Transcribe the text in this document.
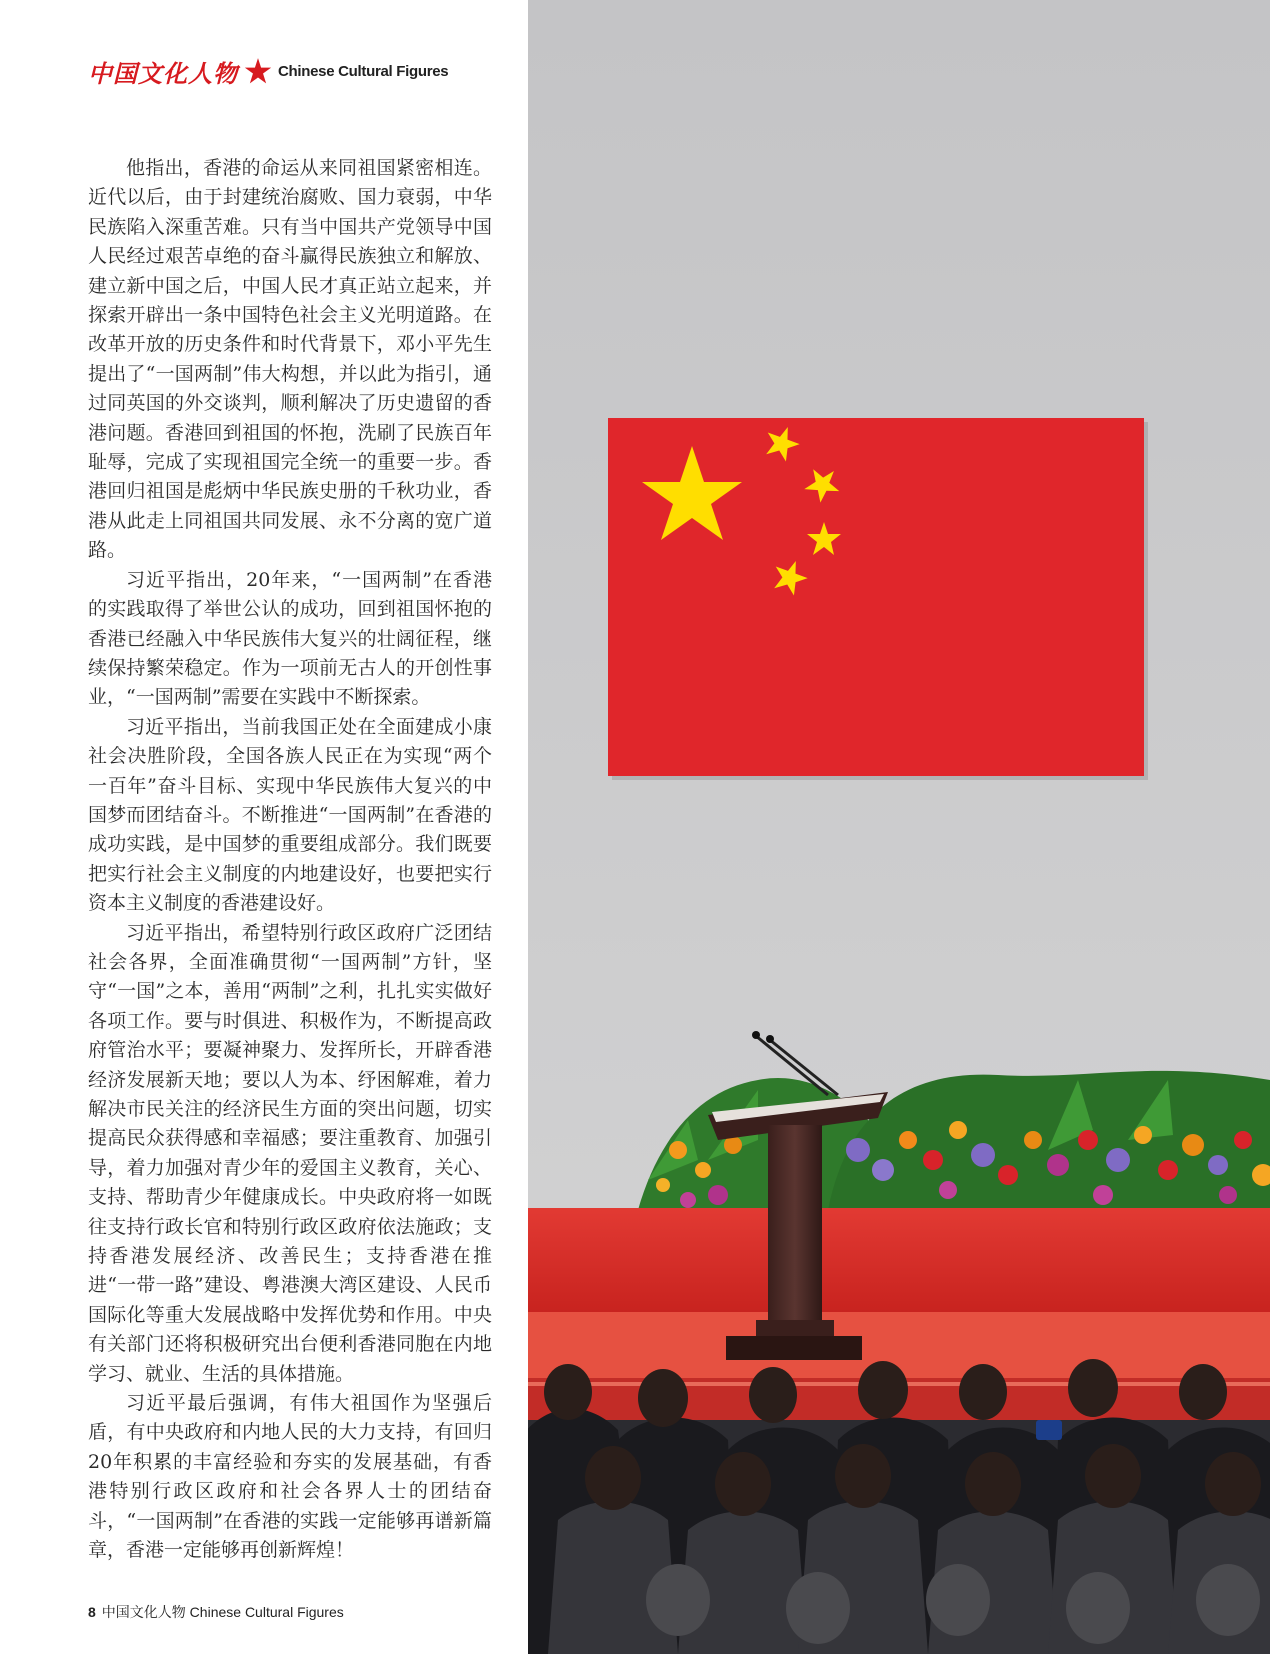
中国文化人物	Chinese Cultural Figures

他指出，香港的命运从来同祖国紧密相连。近代以后，由于封建统治腐败、国力衰弱，中华民族陷入深重苦难。只有当中国共产党领导中国人民经过艰苦卓绝的奋斗赢得民族独立和解放、建立新中国之后，中国人民才真正站立起来，并探索开辟出一条中国特色社会主义光明道路。在改革开放的历史条件和时代背景下，邓小平先生提出了“一国两制”伟大构想，并以此为指引，通过同英国的外交谈判，顺利解决了历史遗留的香港问题。香港回到祖国的怀抱，洗刷了民族百年耻辱，完成了实现祖国完全统一的重要一步。香港回归祖国是彪炳中华民族史册的千秋功业，香港从此走上同祖国共同发展、永不分离的宽广道路。

习近平指出，20年来，“一国两制”在香港的实践取得了举世公认的成功，回到祖国怀抱的香港已经融入中华民族伟大复兴的壮阔征程，继续保持繁荣稳定。作为一项前无古人的开创性事业，“一国两制”需要在实践中不断探索。

习近平指出，当前我国正处在全面建成小康社会决胜阶段，全国各族人民正在为实现“两个一百年”奋斗目标、实现中华民族伟大复兴的中国梦而团结奋斗。不断推进“一国两制”在香港的成功实践，是中国梦的重要组成部分。我们既要把实行社会主义制度的内地建设好，也要把实行资本主义制度的香港建设好。

习近平指出，希望特别行政区政府广泛团结社会各界，全面准确贯彻“一国两制”方针，坚守“一国”之本，善用“两制”之利，扎扎实实做好各项工作。要与时俱进、积极作为，不断提高政府管治水平；要凝神聚力、发挥所长，开辟香港经济发展新天地；要以人为本、纾困解难，着力解决市民关注的经济民生方面的突出问题，切实提高民众获得感和幸福感；要注重教育、加强引导，着力加强对青少年的爱国主义教育，关心、支持、帮助青少年健康成长。中央政府将一如既往支持行政长官和特别行政区政府依法施政；支持香港发展经济、改善民生；支持香港在推进“一带一路”建设、粤港澳大湾区建设、人民币国际化等重大发展战略中发挥优势和作用。中央有关部门还将积极研究出台便利香港同胞在内地学习、就业、生活的具体措施。

习近平最后强调，有伟大祖国作为坚强后盾，有中央政府和内地人民的大力支持，有回归20年积累的丰富经验和夯实的发展基础，有香港特别行政区政府和社会各界人士的团结奋斗，“一国两制”在香港的实践一定能够再谱新篇章，香港一定能够再创新辉煌！

8 中国文化人物 Chinese Cultural Figures
